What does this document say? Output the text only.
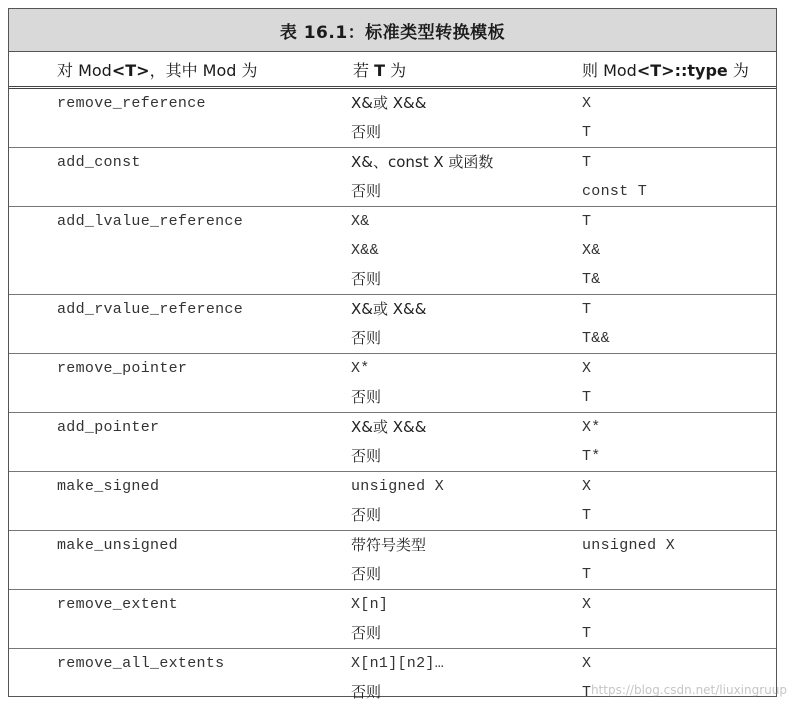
表 16.1：标准类型转换模板
对 Mod<T>，其中 Mod 为	若 T 为	则 Mod<T>::type 为
remove_reference	X&或 X&&	X
否则	T
add_const	X&、const X 或函数	T
否则	const T
add_lvalue_reference	X&	T
X&&	X&
否则	T&
add_rvalue_reference	X&或 X&&	T
否则	T&&
remove_pointer	X*	X
否则	T
add_pointer	X&或 X&&	X*
否则	T*
make_signed	unsigned X	X
否则	T
make_unsigned	带符号类型	unsigned X
否则	T
remove_extent	X[n]	X
否则	T
remove_all_extents	X[n1][n2]…	X
否则	T https://blog.csdn.net/liuxingruup
